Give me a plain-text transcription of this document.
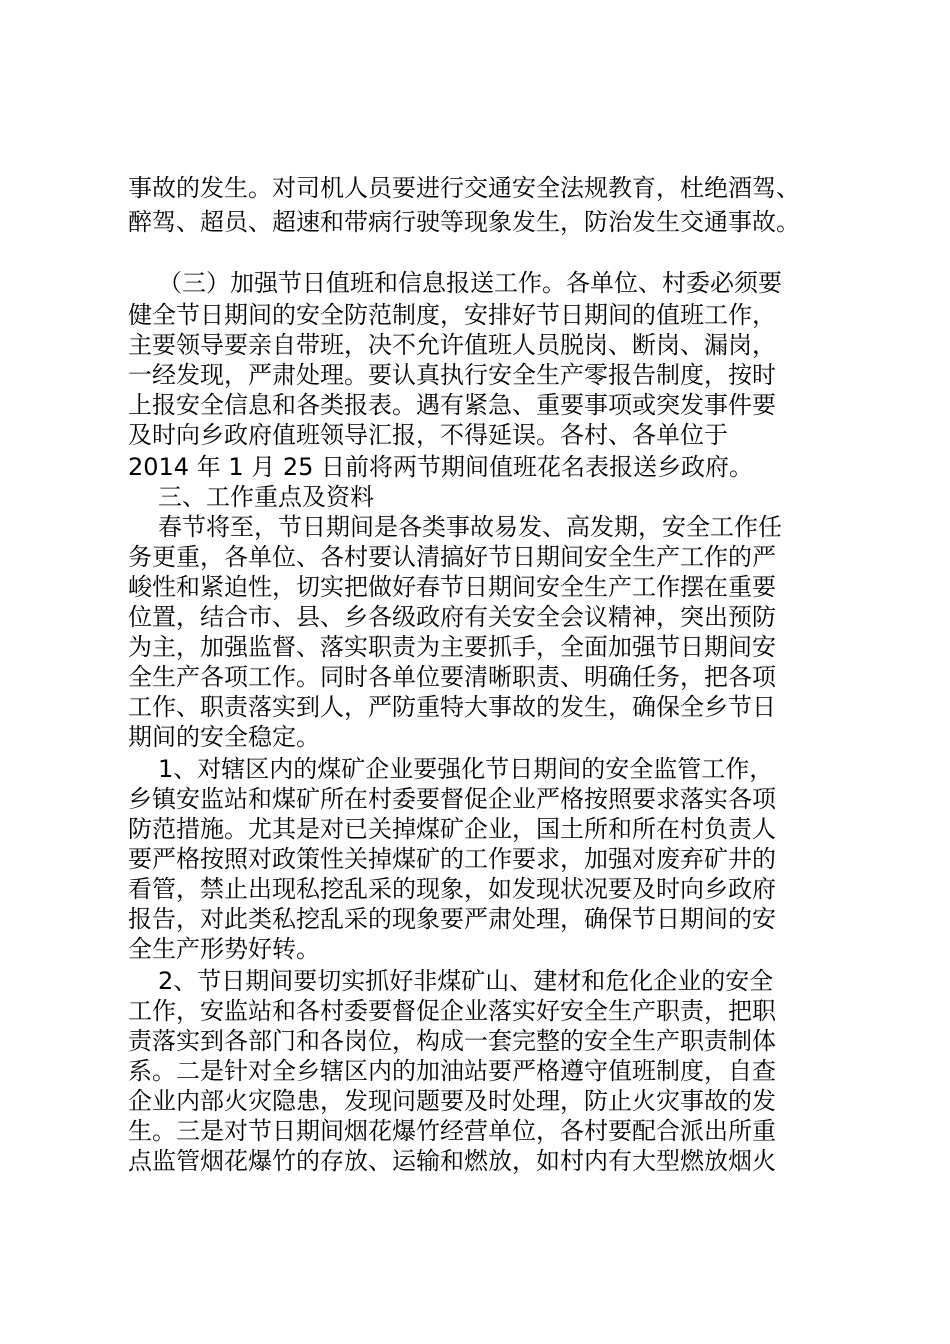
事故的发生。对司机人员要进行交通安全法规教育，杜绝酒驾、
醉驾、超员、超速和带病行驶等现象发生，防治发生交通事故。
（三）加强节日值班和信息报送工作。各单位、村委必须要
健全节日期间的安全防范制度，安排好节日期间的值班工作，
主要领导要亲自带班，决不允许值班人员脱岗、断岗、漏岗，
一经发现，严肃处理。要认真执行安全生产零报告制度，按时
上报安全信息和各类报表。遇有紧急、重要事项或突发事件要
及时向乡政府值班领导汇报，不得延误。各村、各单位于
2014 年 1 月 25 日前将两节期间值班花名表报送乡政府。
三、工作重点及资料
春节将至，节日期间是各类事故易发、高发期，安全工作任
务更重，各单位、各村要认清搞好节日期间安全生产工作的严
峻性和紧迫性，切实把做好春节日期间安全生产工作摆在重要
位置，结合市、县、乡各级政府有关安全会议精神，突出预防
为主，加强监督、落实职责为主要抓手，全面加强节日期间安
全生产各项工作。同时各单位要清晰职责、明确任务，把各项
工作、职责落实到人，严防重特大事故的发生，确保全乡节日
期间的安全稳定。
1、对辖区内的煤矿企业要强化节日期间的安全监管工作，
乡镇安监站和煤矿所在村委要督促企业严格按照要求落实各项
防范措施。尤其是对已关掉煤矿企业，国土所和所在村负责人
要严格按照对政策性关掉煤矿的工作要求，加强对废弃矿井的
看管，禁止出现私挖乱采的现象，如发现状况要及时向乡政府
报告，对此类私挖乱采的现象要严肃处理，确保节日期间的安
全生产形势好转。
2、节日期间要切实抓好非煤矿山、建材和危化企业的安全
工作，安监站和各村委要督促企业落实好安全生产职责，把职
责落实到各部门和各岗位，构成一套完整的安全生产职责制体
系。二是针对全乡辖区内的加油站要严格遵守值班制度，自查
企业内部火灾隐患，发现问题要及时处理，防止火灾事故的发
生。三是对节日期间烟花爆竹经营单位，各村要配合派出所重
点监管烟花爆竹的存放、运输和燃放，如村内有大型燃放烟火
